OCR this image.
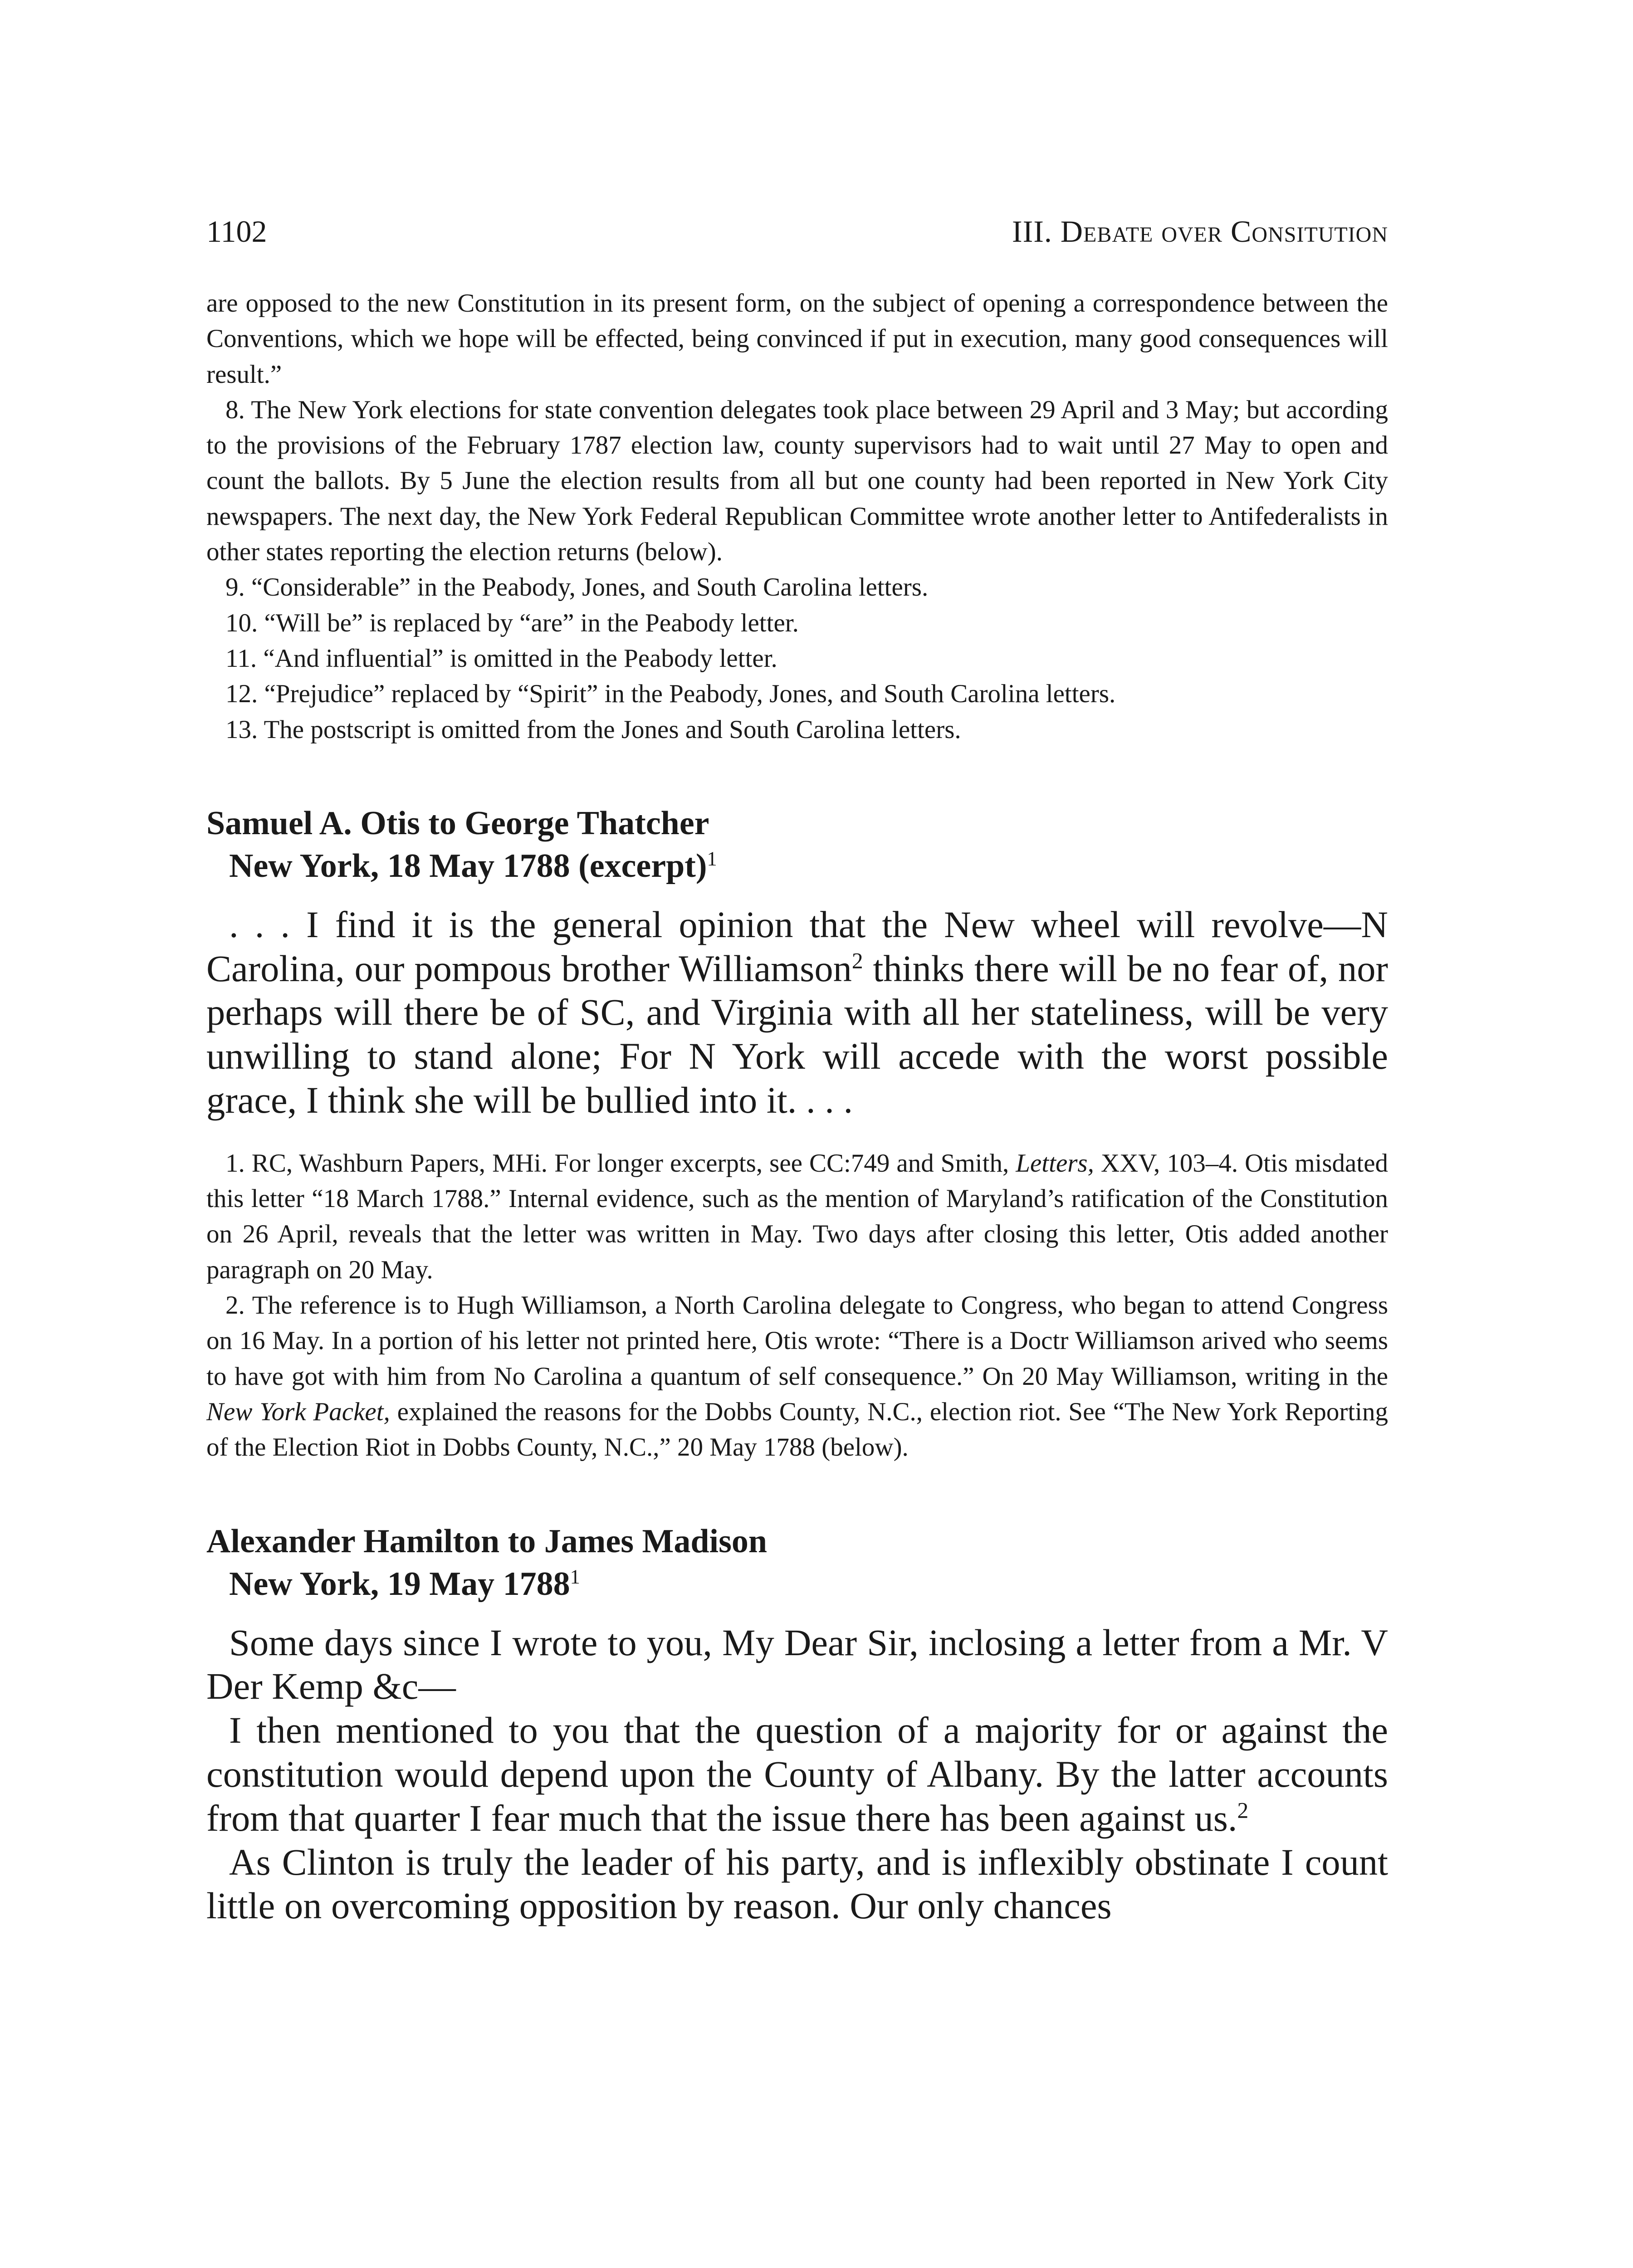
1102	III. Debate over Consitution

are opposed to the new Constitution in its present form, on the subject of opening a correspondence between the Conventions, which we hope will be effected, being convinced if put in execution, many good consequences will result.”

8. The New York elections for state convention delegates took place between 29 April and 3 May; but according to the provisions of the February 1787 election law, county supervisors had to wait until 27 May to open and count the ballots. By 5 June the election results from all but one county had been reported in New York City newspapers. The next day, the New York Federal Republican Committee wrote another letter to Antifederalists in other states reporting the election returns (below).

9. “Considerable” in the Peabody, Jones, and South Carolina letters.

10. “Will be” is replaced by “are” in the Peabody letter.

11. “And influential” is omitted in the Peabody letter.

12. “Prejudice” replaced by “Spirit” in the Peabody, Jones, and South Carolina letters.

13. The postscript is omitted from the Jones and South Carolina letters.

Samuel A. Otis to George Thatcher
New York, 18 May 1788 (excerpt)$^1$

. . . I find it is the general opinion that the New wheel will revolve—N Carolina, our pompous brother Williamson$^2$ thinks there will be no fear of, nor perhaps will there be of SC, and Virginia with all her stateliness, will be very unwilling to stand alone; For N York will accede with the worst possible grace, I think she will be bullied into it. . . .

1. RC, Washburn Papers, MHi. For longer excerpts, see CC:749 and Smith, Letters, XXV, 103–4. Otis misdated this letter “18 March 1788.” Internal evidence, such as the mention of Maryland’s ratification of the Constitution on 26 April, reveals that the letter was written in May. Two days after closing this letter, Otis added another paragraph on 20 May.

2. The reference is to Hugh Williamson, a North Carolina delegate to Congress, who began to attend Congress on 16 May. In a portion of his letter not printed here, Otis wrote: “There is a Doctr Williamson arived who seems to have got with him from No Carolina a quantum of self consequence.” On 20 May Williamson, writing in the New York Packet, explained the reasons for the Dobbs County, N.C., election riot. See “The New York Reporting of the Election Riot in Dobbs County, N.C.,” 20 May 1788 (below).

Alexander Hamilton to James Madison
New York, 19 May 1788$^1$

Some days since I wrote to you, My Dear Sir, inclosing a letter from a Mr. V Der Kemp &c—

I then mentioned to you that the question of a majority for or against the constitution would depend upon the County of Albany. By the latter accounts from that quarter I fear much that the issue there has been against us.$^2$

As Clinton is truly the leader of his party, and is inflexibly obstinate I count little on overcoming opposition by reason. Our only chances
